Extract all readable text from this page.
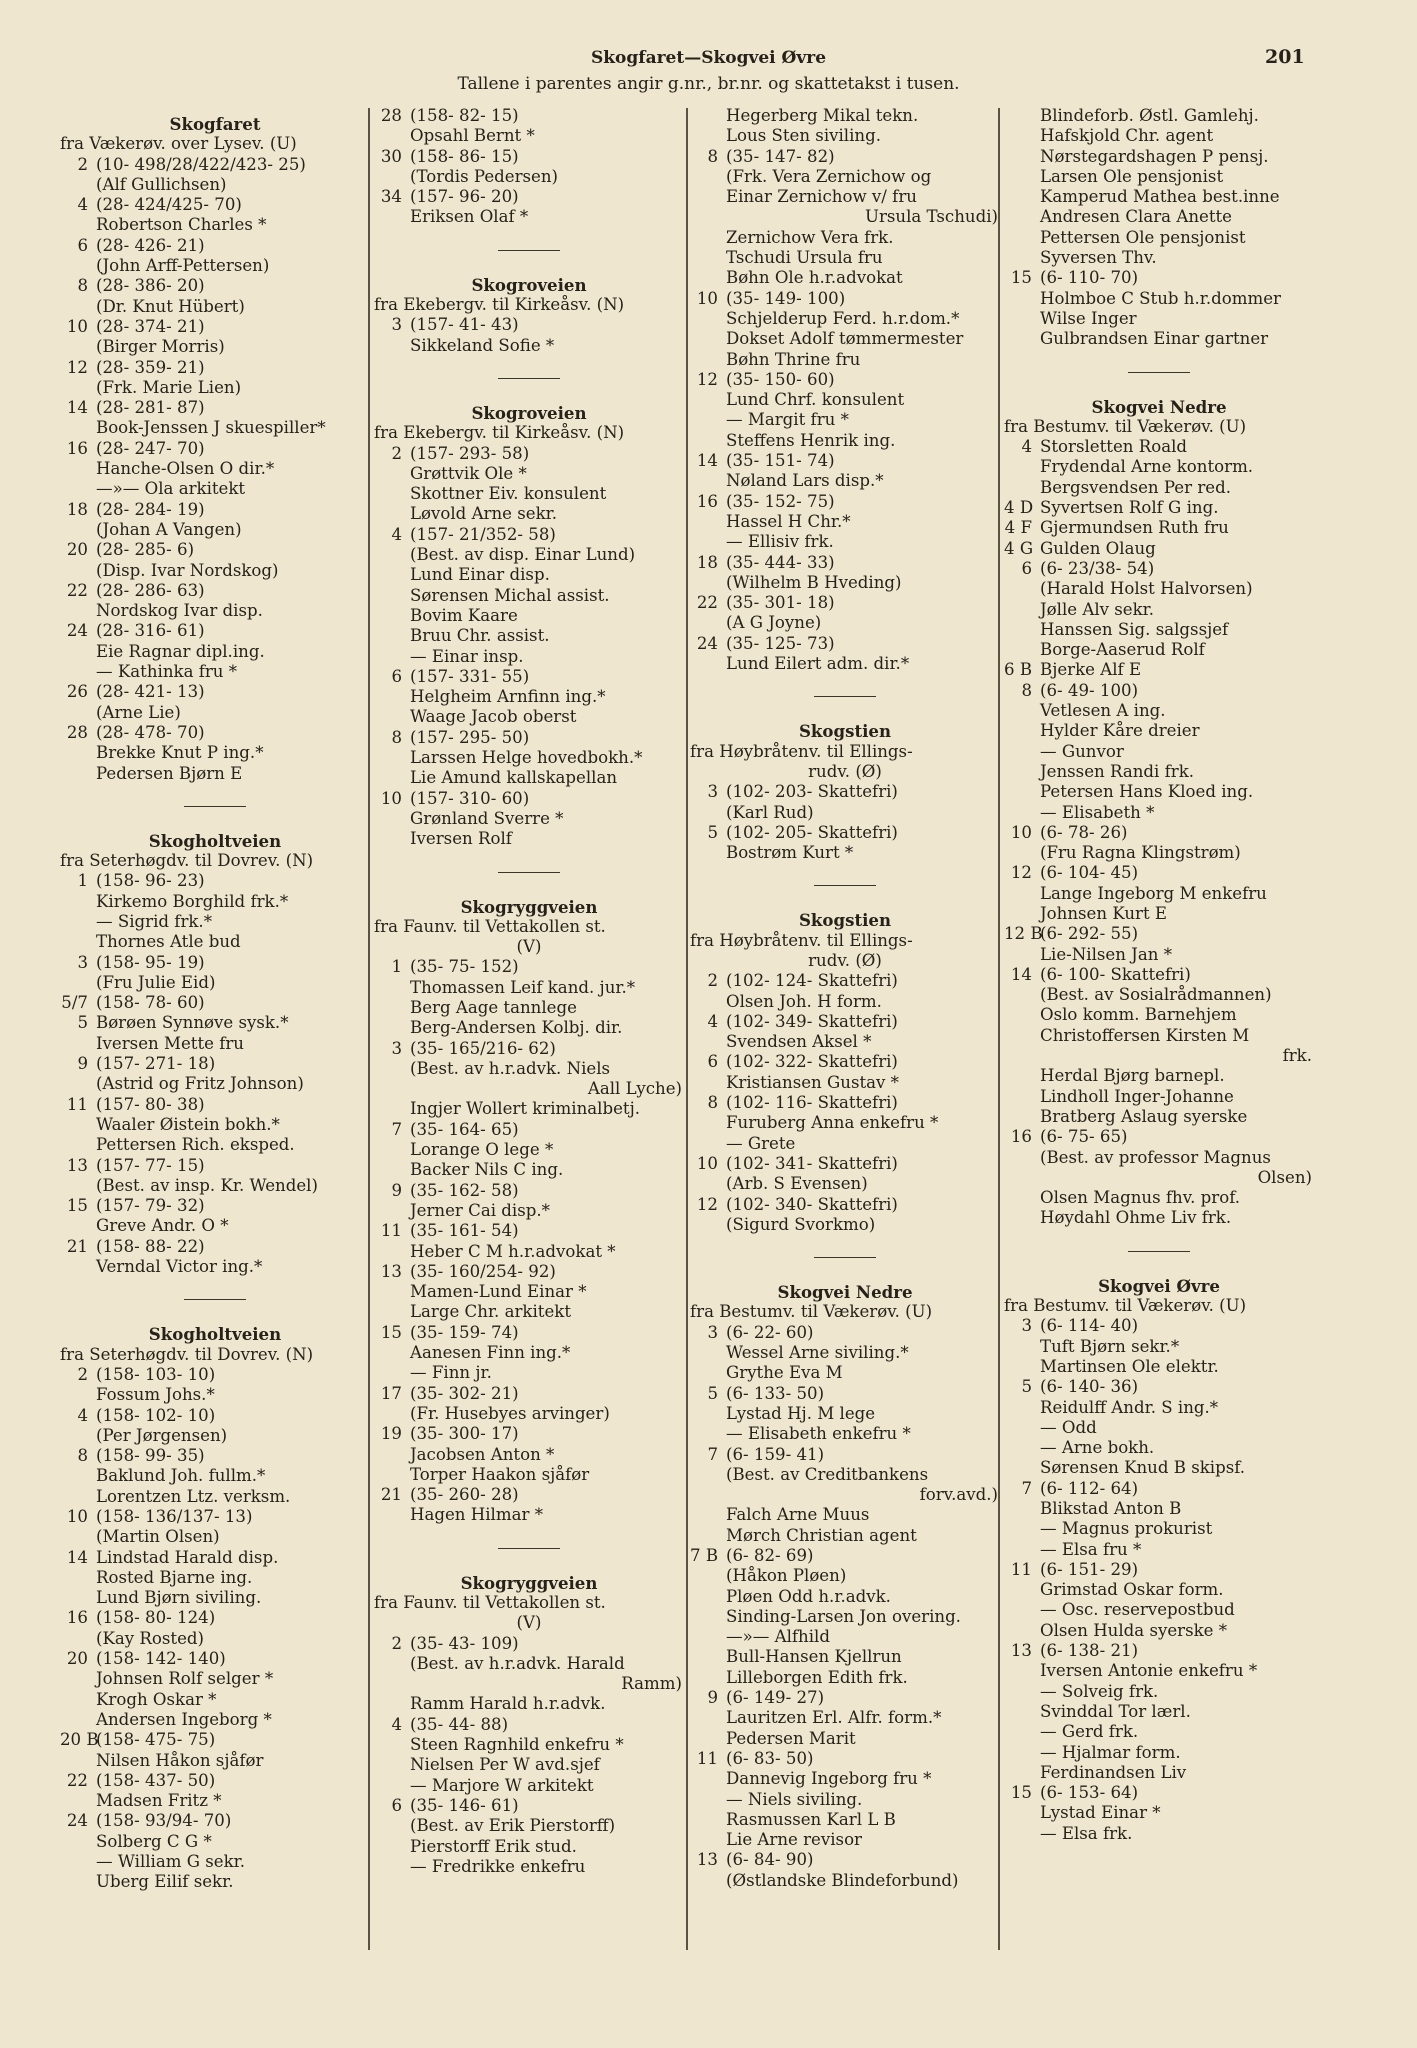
Skogfaret—Skogvei Øvre	201
Tallene i parentes angir g.nr., br.nr. og skattetakst i tusen.
Skogfaret
fra Vækerøv. over Lysev. (U)
2 (10- 498/28/422/423- 25)
(Alf Gullichsen)
4 (28- 424/425- 70)
Robertson Charles *
6 (28- 426- 21)
(John Arff-Pettersen)
8 (28- 386- 20)
(Dr. Knut Hübert)
10 (28- 374- 21)
(Birger Morris)
12 (28- 359- 21)
(Frk. Marie Lien)
14 (28- 281- 87)
Book-Jenssen J skuespiller*
16 (28- 247- 70)
Hanche-Olsen O dir.*
—»— Ola arkitekt
18 (28- 284- 19)
(Johan A Vangen)
20 (28- 285- 6)
(Disp. Ivar Nordskog)
22 (28- 286- 63)
Nordskog Ivar disp.
24 (28- 316- 61)
Eie Ragnar dipl.ing.
— Kathinka fru *
26 (28- 421- 13)
(Arne Lie)
28 (28- 478- 70)
Brekke Knut P ing.*
Pedersen Bjørn E
Skogholtveien
fra Seterhøgdv. til Dovrev. (N)
1 (158- 96- 23)
Kirkemo Borghild frk.*
— Sigrid frk.*
Thornes Atle bud
3 (158- 95- 19)
(Fru Julie Eid)
5/7 (158- 78- 60)
5 Børøen Synnøve sysk.*
Iversen Mette fru
9 (157- 271- 18)
(Astrid og Fritz Johnson)
11 (157- 80- 38)
Waaler Øistein bokh.*
Pettersen Rich. eksped.
13 (157- 77- 15)
(Best. av insp. Kr. Wendel)
15 (157- 79- 32)
Greve Andr. O *
21 (158- 88- 22)
Verndal Victor ing.*
Skogholtveien
fra Seterhøgdv. til Dovrev. (N)
2 (158- 103- 10)
Fossum Johs.*
4 (158- 102- 10)
(Per Jørgensen)
8 (158- 99- 35)
Baklund Joh. fullm.*
Lorentzen Ltz. verksm.
10 (158- 136/137- 13)
(Martin Olsen)
14 Lindstad Harald disp.
Rosted Bjarne ing.
Lund Bjørn siviling.
16 (158- 80- 124)
(Kay Rosted)
20 (158- 142- 140)
Johnsen Rolf selger *
Krogh Oskar *
Andersen Ingeborg *
20 B
(158- 475- 75)
Nilsen Håkon sjåfør
22 (158- 437- 50)
Madsen Fritz *
24 (158- 93/94- 70)
Solberg C G *
— William G sekr.
Uberg Eilif sekr.
28 (158- 82- 15)
Opsahl Bernt *
30 (158- 86- 15)
(Tordis Pedersen)
34 (157- 96- 20)
Eriksen Olaf *
Skogroveien
fra Ekebergv. til Kirkeåsv. (N)
3 (157- 41- 43)
Sikkeland Sofie *
Skogroveien
fra Ekebergv. til Kirkeåsv. (N)
2 (157- 293- 58)
Grøttvik Ole *
Skottner Eiv. konsulent
Løvold Arne sekr.
4 (157- 21/352- 58)
(Best. av disp. Einar Lund)
Lund Einar disp.
Sørensen Michal assist.
Bovim Kaare
Bruu Chr. assist.
— Einar insp.
6 (157- 331- 55)
Helgheim Arnfinn ing.*
Waage Jacob oberst
8 (157- 295- 50)
Larssen Helge hovedbokh.*
Lie Amund kallskapellan
10 (157- 310- 60)
Grønland Sverre *
Iversen Rolf
Skogryggveien
fra Faunv. til Vettakollen st.
(V)
1 (35- 75- 152)
Thomassen Leif kand. jur.*
Berg Aage tannlege
Berg-Andersen Kolbj. dir.
3 (35- 165/216- 62)
(Best. av h.r.advk. Niels
Aall Lyche)
Ingjer Wollert kriminalbetj.
7 (35- 164- 65)
Lorange O lege *
Backer Nils C ing.
9 (35- 162- 58)
Jerner Cai disp.*
11 (35- 161- 54)
Heber C M h.r.advokat *
13 (35- 160/254- 92)
Mamen-Lund Einar *
Large Chr. arkitekt
15 (35- 159- 74)
Aanesen Finn ing.*
— Finn jr.
17 (35- 302- 21)
(Fr. Husebyes arvinger)
19 (35- 300- 17)
Jacobsen Anton *
Torper Haakon sjåfør
21 (35- 260- 28)
Hagen Hilmar *
Skogryggveien
fra Faunv. til Vettakollen st.
(V)
2 (35- 43- 109)
(Best. av h.r.advk. Harald
Ramm)
Ramm Harald h.r.advk.
4 (35- 44- 88)
Steen Ragnhild enkefru *
Nielsen Per W avd.sjef
— Marjore W arkitekt
6 (35- 146- 61)
(Best. av Erik Pierstorff)
Pierstorff Erik stud.
— Fredrikke enkefru
Hegerberg Mikal tekn.
Lous Sten siviling.
8 (35- 147- 82)
(Frk. Vera Zernichow og
Einar Zernichow v/ fru
Ursula Tschudi)
Zernichow Vera frk.
Tschudi Ursula fru
Bøhn Ole h.r.advokat
10 (35- 149- 100)
Schjelderup Ferd. h.r.dom.*
Dokset Adolf tømmermester
Bøhn Thrine fru
12 (35- 150- 60)
Lund Chrf. konsulent
— Margit fru *
Steffens Henrik ing.
14 (35- 151- 74)
Nøland Lars disp.*
16 (35- 152- 75)
Hassel H Chr.*
— Ellisiv frk.
18 (35- 444- 33)
(Wilhelm B Hveding)
22 (35- 301- 18)
(A G Joyne)
24 (35- 125- 73)
Lund Eilert adm. dir.*
Skogstien
fra Høybråtenv. til Ellings-
rudv. (Ø)
3 (102- 203- Skattefri)
(Karl Rud)
5 (102- 205- Skattefri)
Bostrøm Kurt *
Skogstien
fra Høybråtenv. til Ellings-
rudv. (Ø)
2 (102- 124- Skattefri)
Olsen Joh. H form.
4 (102- 349- Skattefri)
Svendsen Aksel *
6 (102- 322- Skattefri)
Kristiansen Gustav *
8 (102- 116- Skattefri)
Furuberg Anna enkefru *
— Grete
10 (102- 341- Skattefri)
(Arb. S Evensen)
12 (102- 340- Skattefri)
(Sigurd Svorkmo)
Skogvei Nedre
fra Bestumv. til Vækerøv. (U)
3 (6- 22- 60)
Wessel Arne siviling.*
Grythe Eva M
5 (6- 133- 50)
Lystad Hj. M lege
— Elisabeth enkefru *
7 (6- 159- 41)
(Best. av Creditbankens
forv.avd.)
Falch Arne Muus
Mørch Christian agent
7 B (6- 82- 69)
(Håkon Pløen)
Pløen Odd h.r.advk.
Sinding-Larsen Jon overing.
—»— Alfhild
Bull-Hansen Kjellrun
Lilleborgen Edith frk.
9 (6- 149- 27)
Lauritzen Erl. Alfr. form.*
Pedersen Marit
11 (6- 83- 50)
Dannevig Ingeborg fru *
— Niels siviling.
Rasmussen Karl L B
Lie Arne revisor
13 (6- 84- 90)
(Østlandske Blindeforbund)
Blindeforb. Østl. Gamlehj.
Hafskjold Chr. agent
Nørstegardshagen P pensj.
Larsen Ole pensjonist
Kamperud Mathea best.inne
Andresen Clara Anette
Pettersen Ole pensjonist
Syversen Thv.
15 (6- 110- 70)
Holmboe C Stub h.r.dommer
Wilse Inger
Gulbrandsen Einar gartner
Skogvei Nedre
fra Bestumv. til Vækerøv. (U)
4 Storsletten Roald
Frydendal Arne kontorm.
Bergsvendsen Per red.
4 D Syvertsen Rolf G ing.
4 F Gjermundsen Ruth fru
4 G Gulden Olaug
6 (6- 23/38- 54)
(Harald Holst Halvorsen)
Jølle Alv sekr.
Hanssen Sig. salgssjef
Borge-Aaserud Rolf
6 B Bjerke Alf E
8 (6- 49- 100)
Vetlesen A ing.
Hylder Kåre dreier
— Gunvor
Jenssen Randi frk.
Petersen Hans Kloed ing.
— Elisabeth *
10 (6- 78- 26)
(Fru Ragna Klingstrøm)
12 (6- 104- 45)
Lange Ingeborg M enkefru
Johnsen Kurt E
12 B
(6- 292- 55)
Lie-Nilsen Jan *
14 (6- 100- Skattefri)
(Best. av Sosialrådmannen)
Oslo komm. Barnehjem
Christoffersen Kirsten M
frk.
Herdal Bjørg barnepl.
Lindholl Inger-Johanne
Bratberg Aslaug syerske
16 (6- 75- 65)
(Best. av professor Magnus
Olsen)
Olsen Magnus fhv. prof.
Høydahl Ohme Liv frk.
Skogvei Øvre
fra Bestumv. til Vækerøv. (U)
3 (6- 114- 40)
Tuft Bjørn sekr.*
Martinsen Ole elektr.
5 (6- 140- 36)
Reidulff Andr. S ing.*
— Odd
— Arne bokh.
Sørensen Knud B skipsf.
7 (6- 112- 64)
Blikstad Anton B
— Magnus prokurist
— Elsa fru *
11 (6- 151- 29)
Grimstad Oskar form.
— Osc. reservepostbud
Olsen Hulda syerske *
13 (6- 138- 21)
Iversen Antonie enkefru *
— Solveig frk.
Svinddal Tor lærl.
— Gerd frk.
— Hjalmar form.
Ferdinandsen Liv
15 (6- 153- 64)
Lystad Einar *
— Elsa frk.
